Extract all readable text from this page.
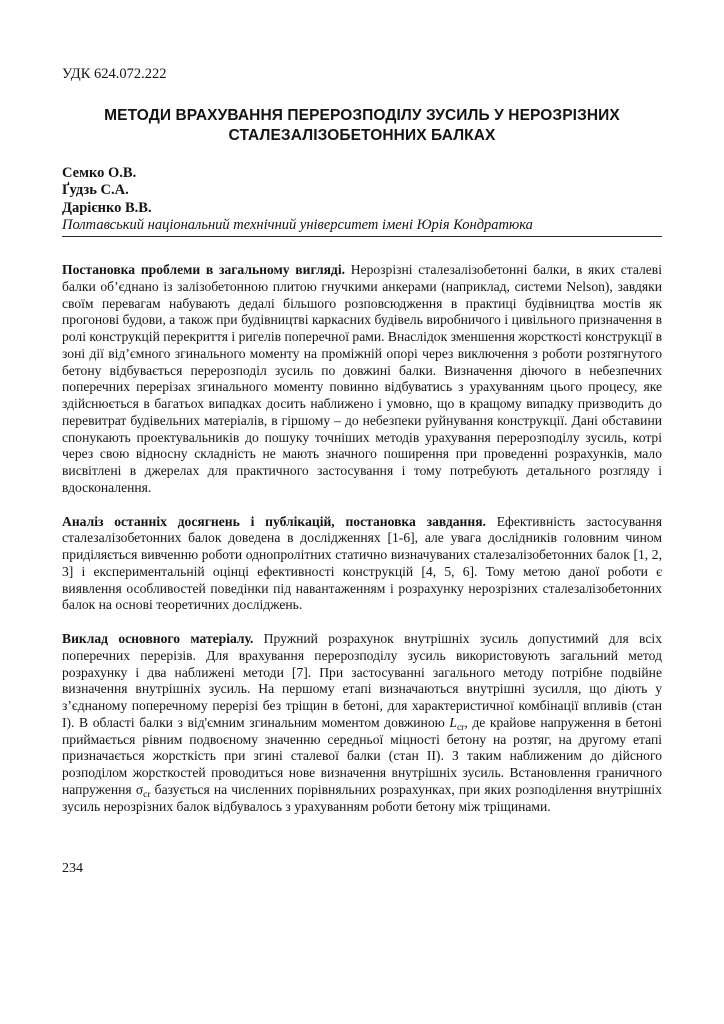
УДК 624.072.222
МЕТОДИ ВРАХУВАННЯ ПЕРЕРОЗПОДІЛУ ЗУСИЛЬ У НЕРОЗРІЗНИХ СТАЛЕЗАЛІЗОБЕТОННИХ БАЛКАХ
Семко О.В.
Ґудзь С.А.
Дарієнко В.В.
Полтавський національний технічний університет імені Юрія Кондратюка

Постановка проблеми в загальному вигляді. Нерозрізні сталезалізобетонні балки, в яких сталеві балки об’єднано із залізобетонною плитою гнучкими анкерами (наприклад, системи Nelson), завдяки своїм перевагам набувають дедалі більшого розповсюдження в практиці будівництва мостів як прогонові будови, а також при будівництві каркасних будівель виробничого і цивільного призначення в ролі конструкцій перекриття і ригелів поперечної рами. Внаслідок зменшення жорсткості конструкції в зоні дії від’ємного згинального моменту на проміжній опорі через виключення з роботи розтягнутого бетону відбувається перерозподіл зусиль по довжині балки. Визначення діючого в небезпечних поперечних перерізах згинального моменту повинно відбуватись з урахуванням цього процесу, яке здійснюється в багатьох випадках досить наближено і умовно, що в кращому випадку призводить до перевитрат будівельних матеріалів, в гіршому – до небезпеки руйнування конструкції. Дані обставини спонукають проектувальників до пошуку точніших методів урахування перерозподілу зусиль, котрі через свою відносну складність не мають значного поширення при проведенні розрахунків, мало висвітлені в джерелах для практичного застосування і тому потребують детального розгляду і вдосконалення.

Аналіз останніх досягнень і публікацій, постановка завдання. Ефективність застосування сталезалізобетонних балок доведена в дослідженнях [1-6], але увага дослідників головним чином приділяється вивченню роботи однопролітних статично визначуваних сталезалізобетонних балок [1, 2, 3] і експериментальній оцінці ефективності конструкцій [4, 5, 6]. Тому метою даної роботи є виявлення особливостей поведінки під навантаженням і розрахунку нерозрізних сталезалізобетонних балок на основі теоретичних досліджень.

Виклад основного матеріалу. Пружний розрахунок внутрішніх зусиль допустимий для всіх поперечних перерізів. Для врахування перерозподілу зусиль використовують загальний метод розрахунку і два наближені методи [7]. При застосуванні загального методу потрібне подвійне визначення внутрішніх зусиль. На першому етапі визначаються внутрішні зусилля, що діють у з’єднаному поперечному перерізі без тріщин в бетоні, для характеристичної комбінації впливів (стан I). В області балки з від'ємним згинальним моментом довжиною $L_{cr}$, де крайове напруження в бетоні приймається рівним подвоєному значенню середньої міцності бетону на розтяг, на другому етапі призначається жорсткість при згині сталевої балки (стан II). З таким наближеним до дійсного розподілом жорсткостей проводиться нове визначення внутрішніх зусиль. Встановлення граничного напруження $\sigma_{cr}$ базується на численних порівняльних розрахунках, при яких розподілення внутрішніх зусиль нерозрізних балок відбувалось з урахуванням роботи бетону між тріщинами.

234
